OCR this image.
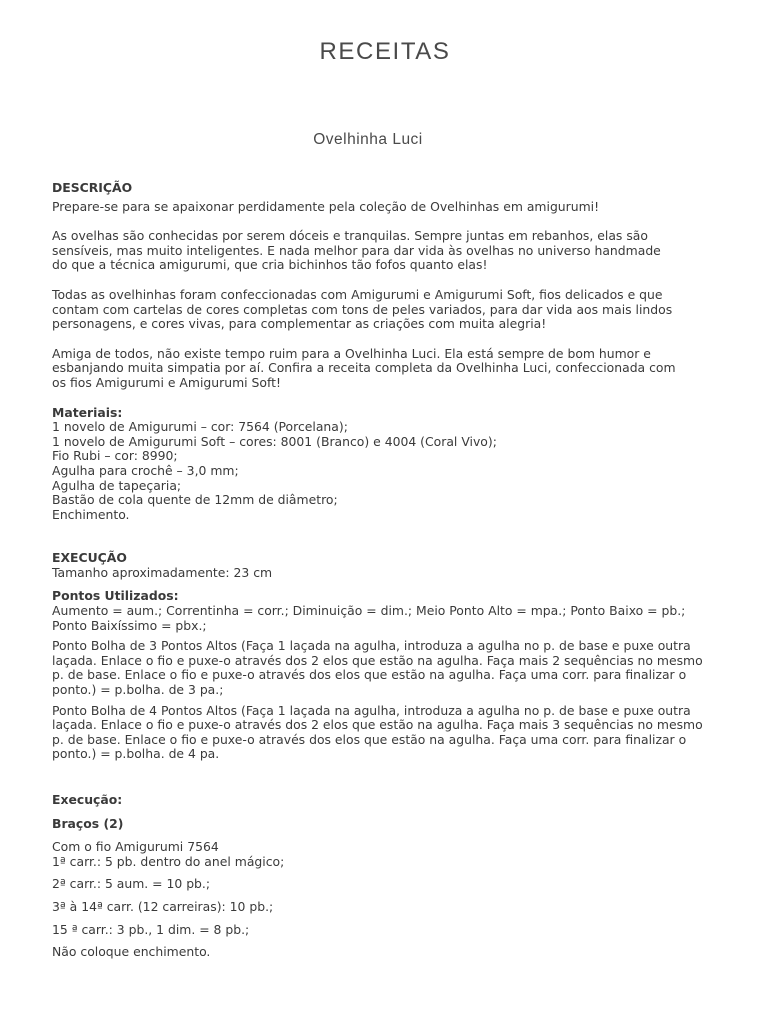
RECEITAS
Ovelhinha Luci
DESCRIÇÃO
Prepare-se para se apaixonar perdidamente pela coleção de Ovelhinhas em amigurumi!
As ovelhas são conhecidas por serem dóceis e tranquilas. Sempre juntas em rebanhos, elas são
sensíveis, mas muito inteligentes. E nada melhor para dar vida às ovelhas no universo handmade
do que a técnica amigurumi, que cria bichinhos tão fofos quanto elas!
Todas as ovelhinhas foram confeccionadas com Amigurumi e Amigurumi Soft, fios delicados e que
contam com cartelas de cores completas com tons de peles variados, para dar vida aos mais lindos
personagens, e cores vivas, para complementar as criações com muita alegria!
Amiga de todos, não existe tempo ruim para a Ovelhinha Luci. Ela está sempre de bom humor e
esbanjando muita simpatia por aí. Confira a receita completa da Ovelhinha Luci, confeccionada com
os fios Amigurumi e Amigurumi Soft!
Materiais:
1 novelo de Amigurumi – cor: 7564 (Porcelana);
1 novelo de Amigurumi Soft – cores: 8001 (Branco) e 4004 (Coral Vivo);
Fio Rubi – cor: 8990;
Agulha para crochê – 3,0 mm;
Agulha de tapeçaria;
Bastão de cola quente de 12mm de diâmetro;
Enchimento.
EXECUÇÃO
Tamanho aproximadamente: 23 cm
Pontos Utilizados:
Aumento = aum.; Correntinha = corr.; Diminuição = dim.; Meio Ponto Alto = mpa.; Ponto Baixo = pb.;
Ponto Baixíssimo = pbx.;
Ponto Bolha de 3 Pontos Altos (Faça 1 laçada na agulha, introduza a agulha no p. de base e puxe outra
laçada. Enlace o fio e puxe-o através dos 2 elos que estão na agulha. Faça mais 2 sequências no mesmo
p. de base. Enlace o fio e puxe-o através dos elos que estão na agulha. Faça uma corr. para finalizar o
ponto.) = p.bolha. de 3 pa.;
Ponto Bolha de 4 Pontos Altos (Faça 1 laçada na agulha, introduza a agulha no p. de base e puxe outra
laçada. Enlace o fio e puxe-o através dos 2 elos que estão na agulha. Faça mais 3 sequências no mesmo
p. de base. Enlace o fio e puxe-o através dos elos que estão na agulha. Faça uma corr. para finalizar o
ponto.) = p.bolha. de 4 pa.
Execução:
Braços (2)
Com o fio Amigurumi 7564
1ª carr.: 5 pb. dentro do anel mágico;
2ª carr.: 5 aum. = 10 pb.;
3ª à 14ª carr. (12 carreiras): 10 pb.;
15 ª carr.: 3 pb., 1 dim. = 8 pb.;
Não coloque enchimento.
